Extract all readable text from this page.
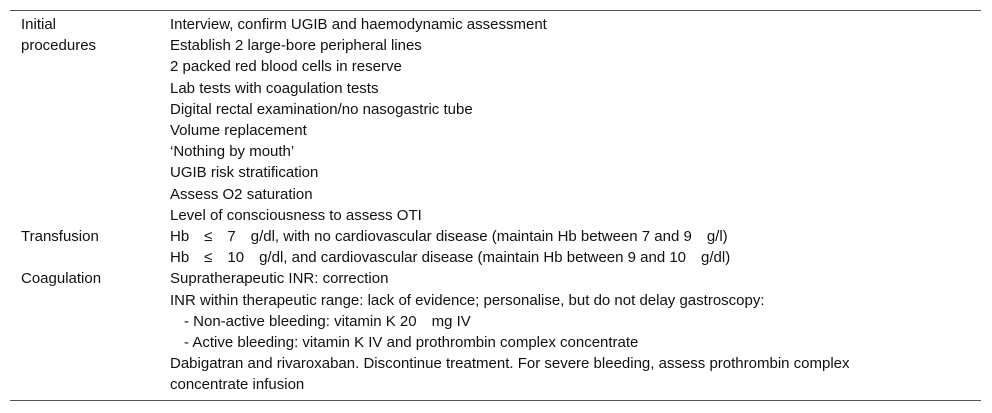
Initial
procedures
Interview, confirm UGIB and haemodynamic assessment
Establish 2 large-bore peripheral lines
2 packed red blood cells in reserve
Lab tests with coagulation tests
Digital rectal examination/no nasogastric tube
Volume replacement
‘Nothing by mouth’
UGIB risk stratification
Assess O2 saturation
Level of consciousness to assess OTI
Transfusion	Hb ≤ 7 g/dl, with no cardiovascular disease (maintain Hb between 7 and 9 g/l)
Hb ≤ 10 g/dl, and cardiovascular disease (maintain Hb between 9 and 10 g/dl)
Coagulation	Supratherapeutic INR: correction
INR within therapeutic range: lack of evidence; personalise, but do not delay gastroscopy:
- Non-active bleeding: vitamin K 20 mg IV
- Active bleeding: vitamin K IV and prothrombin complex concentrate
Dabigatran and rivaroxaban. Discontinue treatment. For severe bleeding, assess prothrombin complex concentrate infusion
